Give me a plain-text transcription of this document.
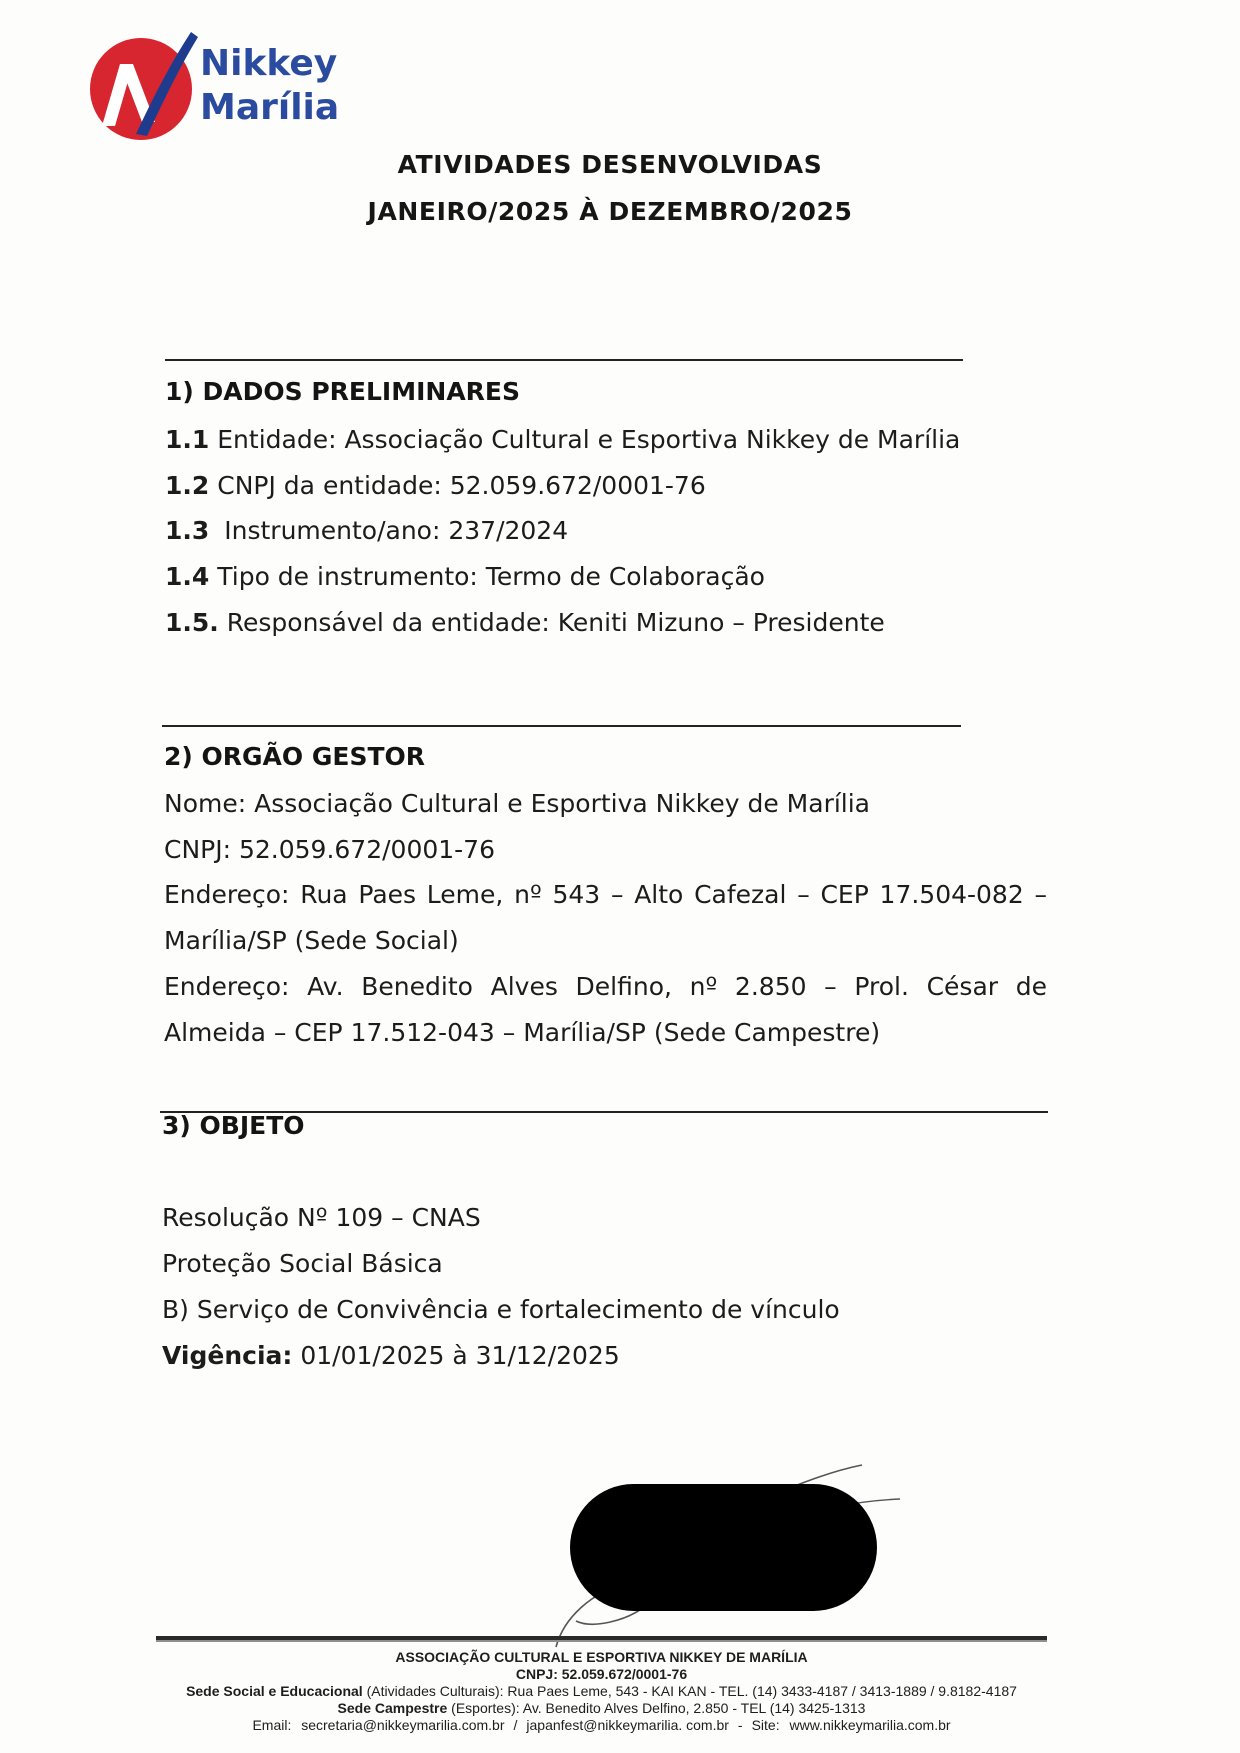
Nikkey
Marília
ATIVIDADES DESENVOLVIDAS
JANEIRO/2025 À DEZEMBRO/2025
1) DADOS PRELIMINARES
1.1 Entidade: Associação Cultural e Esportiva Nikkey de Marília
1.2 CNPJ da entidade: 52.059.672/0001-76
1.3 Instrumento/ano: 237/2024
1.4 Tipo de instrumento: Termo de Colaboração
1.5. Responsável da entidade: Keniti Mizuno – Presidente
2) ORGÃO GESTOR
Nome: Associação Cultural e Esportiva Nikkey de Marília
CNPJ: 52.059.672/0001-76
Endereço: Rua Paes Leme, nº 543 – Alto Cafezal – CEP 17.504-082 –
Marília/SP (Sede Social)
Endereço: Av. Benedito Alves Delfino, nº 2.850 – Prol. César de
Almeida – CEP 17.512-043 – Marília/SP (Sede Campestre)
3) OBJETO
Resolução Nº 109 – CNAS
Proteção Social Básica
B) Serviço de Convivência e fortalecimento de vínculo
Vigência: 01/01/2025 à 31/12/2025
ASSOCIAÇÃO CULTURAL E ESPORTIVA NIKKEY DE MARÍLIA
CNPJ: 52.059.672/0001-76
Sede Social e Educacional (Atividades Culturais): Rua Paes Leme, 543 - KAI KAN - TEL. (14) 3433-4187 / 3413-1889 / 9.8182-4187
Sede Campestre (Esportes): Av. Benedito Alves Delfino, 2.850 - TEL (14) 3425-1313
Email: secretaria@nikkeymarilia.com.br / japanfest@nikkeymarilia. com.br - Site: www.nikkeymarilia.com.br
